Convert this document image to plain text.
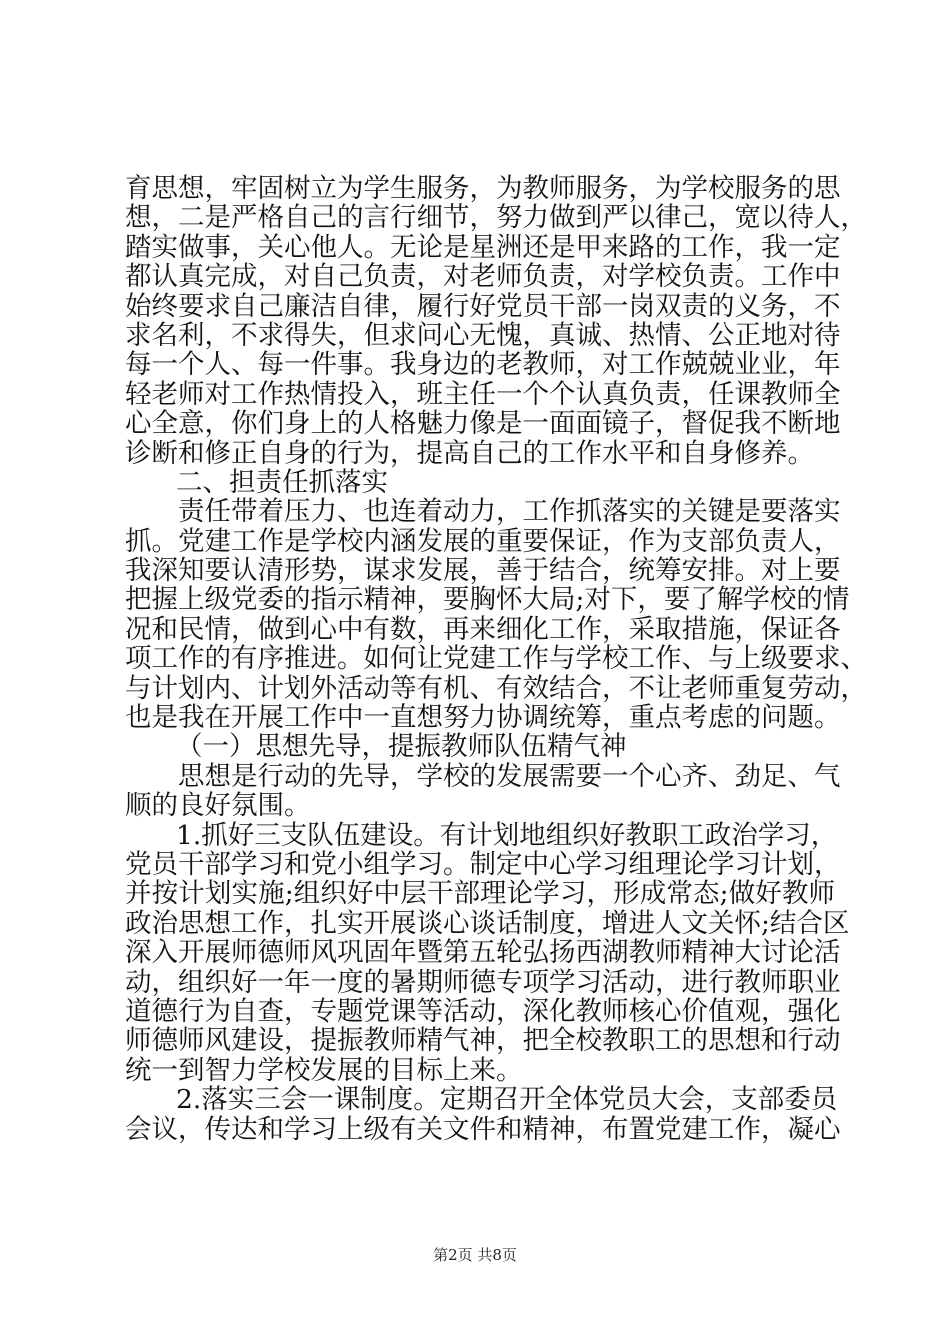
育思想，牢固树立为学生服务，为教师服务，为学校服务的思
想，二是严格自己的言行细节，努力做到严以律己，宽以待人，
踏实做事，关心他人。无论是星洲还是甲来路的工作，我一定
都认真完成，对自己负责，对老师负责，对学校负责。工作中
始终要求自己廉洁自律，履行好党员干部一岗双责的义务，不
求名利，不求得失，但求问心无愧，真诚、热情、公正地对待
每一个人、每一件事。我身边的老教师，对工作兢兢业业，年
轻老师对工作热情投入，班主任一个个认真负责，任课教师全
心全意，你们身上的人格魅力像是一面面镜子，督促我不断地
诊断和修正自身的行为，提高自己的工作水平和自身修养。
二、担责任抓落实
责任带着压力、也连着动力，工作抓落实的关键是要落实
抓。党建工作是学校内涵发展的重要保证，作为支部负责人，
我深知要认清形势，谋求发展，善于结合，统筹安排。对上要
把握上级党委的指示精神，要胸怀大局;对下，要了解学校的情
况和民情，做到心中有数，再来细化工作，采取措施，保证各
项工作的有序推进。如何让党建工作与学校工作、与上级要求、
与计划内、计划外活动等有机、有效结合，不让老师重复劳动，
也是我在开展工作中一直想努力协调统筹，重点考虑的问题。
（一）思想先导，提振教师队伍精气神
思想是行动的先导，学校的发展需要一个心齐、劲足、气
顺的良好氛围。
1.抓好三支队伍建设。有计划地组织好教职工政治学习，
党员干部学习和党小组学习。制定中心学习组理论学习计划，
并按计划实施;组织好中层干部理论学习，形成常态;做好教师
政治思想工作，扎实开展谈心谈话制度，增进人文关怀;结合区
深入开展师德师风巩固年暨第五轮弘扬西湖教师精神大讨论活
动，组织好一年一度的暑期师德专项学习活动，进行教师职业
道德行为自查，专题党课等活动，深化教师核心价值观，强化
师德师风建设，提振教师精气神，把全校教职工的思想和行动
统一到智力学校发展的目标上来。
2.落实三会一课制度。定期召开全体党员大会，支部委员
会议，传达和学习上级有关文件和精神，布置党建工作，凝心
第2页 共8页
